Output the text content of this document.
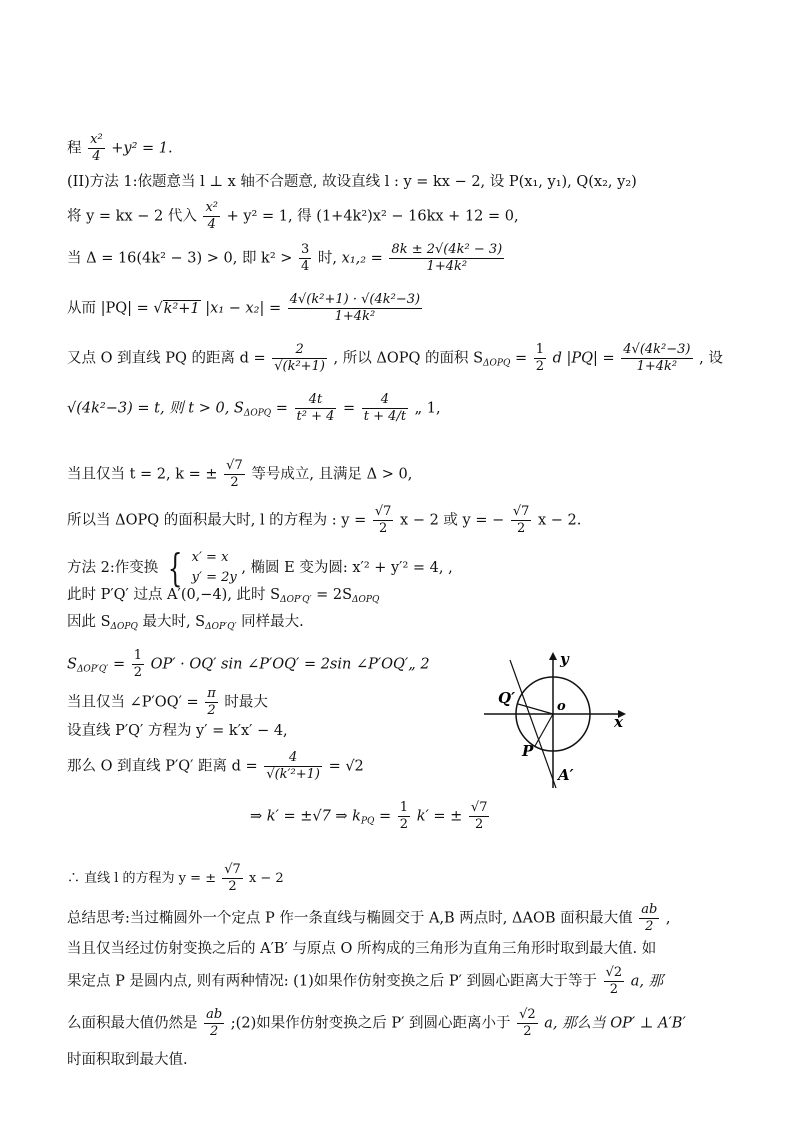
程 $\frac{\text{x²}}{4} +y^2 = 1$.
(II)方法 1:依题意当 l ⊥ x 轴不合题意, 故设直线 l : y = kx − 2, 设 P(x₁, y₁), Q(x₂, y₂)
将 y = kx − 2 代入 $\frac{\text{x²}}{4} + y^2 = 1$, 得 (1+4k²)x² − 16kx + 12 = 0,
当 Δ = 16(4k² − 3) > 0, 即 $k^2 > \frac{3}{4}$ 时, $x_1,_2 = \frac{\text{8k ± 2√(4k² − 3)}}{\text{1+4k²}}$
从而 |PQ| = √k²+1 $|x_1 - x_2| = \frac{\text{4√(k²+1) · √(4k²−3)}}{\text{1+4k²}}$
又点 O 到直线 PQ 的距离 $d = \frac{2}{\text{√(k²+1)}}$ , 所以 ΔOPQ 的面积 $S_{\Delta OPQ} = \frac{1}{2}$ d $|PQ| = \frac{\text{4√(4k²−3)}}{\text{1+4k²}}$ , 设
√(4k²−3) = t, 则 t > 0, $S_{\Delta OPQ} = \frac{4t}{\text{t² + 4}} = \frac{4}{t + 4/t}$ „ 1,
当且仅当 t = 2, k = ± $\frac{√7}{2}$ 等号成立, 且满足 Δ > 0,
所以当 ΔOPQ 的面积最大时, l 的方程为 : $y = \frac{√7}{2}$ x − 2 或 y = − $\frac{√7}{2}$ x − 2.
方法 2:作变换 { x′ = x
y′ = 2y
, 椭圆 E 变为圆: x′² + y′² = 4, ,
此时 P′Q′ 过点 A′(0,−4), 此时 $S_{\Delta OP'Q'} = 2S_{\Delta OPQ}$
因此 $S_{\Delta OPQ}$ 最大时, $S_{\Delta OP'Q'}$ 同样最大.
$S_{\Delta OP'Q'} = \frac{1}{2} OP' \cdot OQ'$ sin ∠P′OQ′ = 2sin ∠P′OQ′„ 2
当且仅当 ∠P′OQ′ = $\frac{\pi}{2}$ 时最大
设直线 P′Q′ 方程为 y′ = k′x′ − 4,
那么 O 到直线 P′Q′ 距离 $d = \frac{4}{\text{√(k′²+1)}} = √2$
⇒ k′ = ±√7 ⇒ $k_{PQ} = \frac{1}{2} k'$ = ± $\frac{√7}{2}$
∴ 直线 l 的方程为 y = ± $\frac{√7}{2}$ x − 2
总结思考:当过椭圆外一个定点 P 作一条直线与椭圆交于 A,B 两点时, ΔAOB 面积最大值 $\frac{ab}{2}$ ,
当且仅当经过仿射变换之后的 A′B′ 与原点 O 所构成的三角形为直角三角形时取到最大值. 如
果定点 P 是圆内点, 则有两种情况: (1)如果作仿射变换之后 P′ 到圆心距离大于等于 $\frac{√2}{2} a$, 那
么面积最大值仍然是 $\frac{ab}{2}$ ;(2)如果作仿射变换之后 P′ 到圆心距离小于 $\frac{√2}{2} a$, 那么当 OP′ ⊥ A′B′
时面积取到最大值.
y
x
o
Q′
P
A′
